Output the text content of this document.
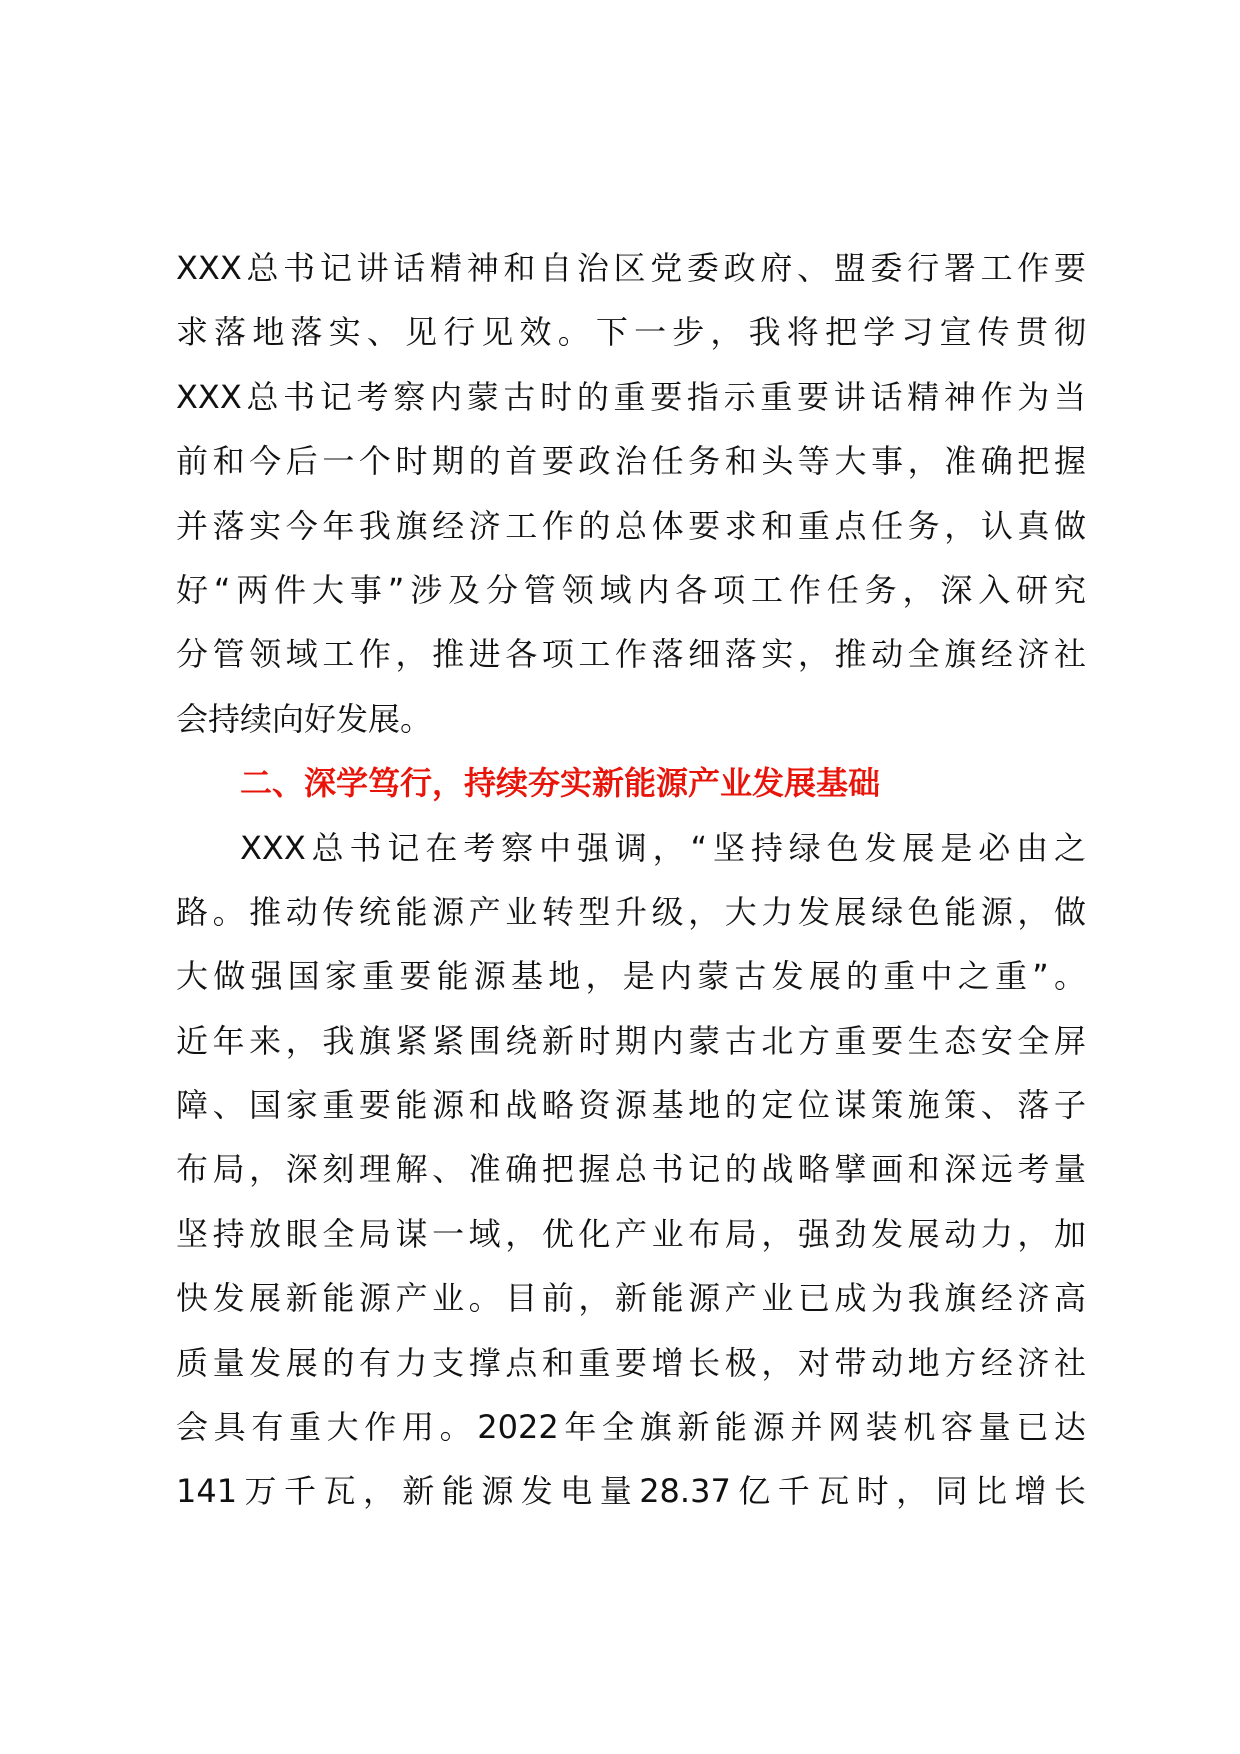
XXX总书记讲话精神和自治区党委政府、盟委行署工作要
求落地落实、见行见效。下一步，我将把学习宣传贯彻
XXX总书记考察内蒙古时的重要指示重要讲话精神作为当
前和今后一个时期的首要政治任务和头等大事，准确把握
并落实今年我旗经济工作的总体要求和重点任务，认真做
好“两件大事”涉及分管领域内各项工作任务，深入研究
分管领域工作，推进各项工作落细落实，推动全旗经济社
会持续向好发展。
二、深学笃行，持续夯实新能源产业发展基础
XXX总书记在考察中强调，“坚持绿色发展是必由之
路。推动传统能源产业转型升级，大力发展绿色能源，做
大做强国家重要能源基地，是内蒙古发展的重中之重”。
近年来，我旗紧紧围绕新时期内蒙古北方重要生态安全屏
障、国家重要能源和战略资源基地的定位谋策施策、落子
布局，深刻理解、准确把握总书记的战略擘画和深远考量
坚持放眼全局谋一域，优化产业布局，强劲发展动力，加
快发展新能源产业。目前，新能源产业已成为我旗经济高
质量发展的有力支撑点和重要增长极，对带动地方经济社
会具有重大作用。2022年全旗新能源并网装机容量已达
141万千瓦，新能源发电量28.37亿千瓦时，同比增长
